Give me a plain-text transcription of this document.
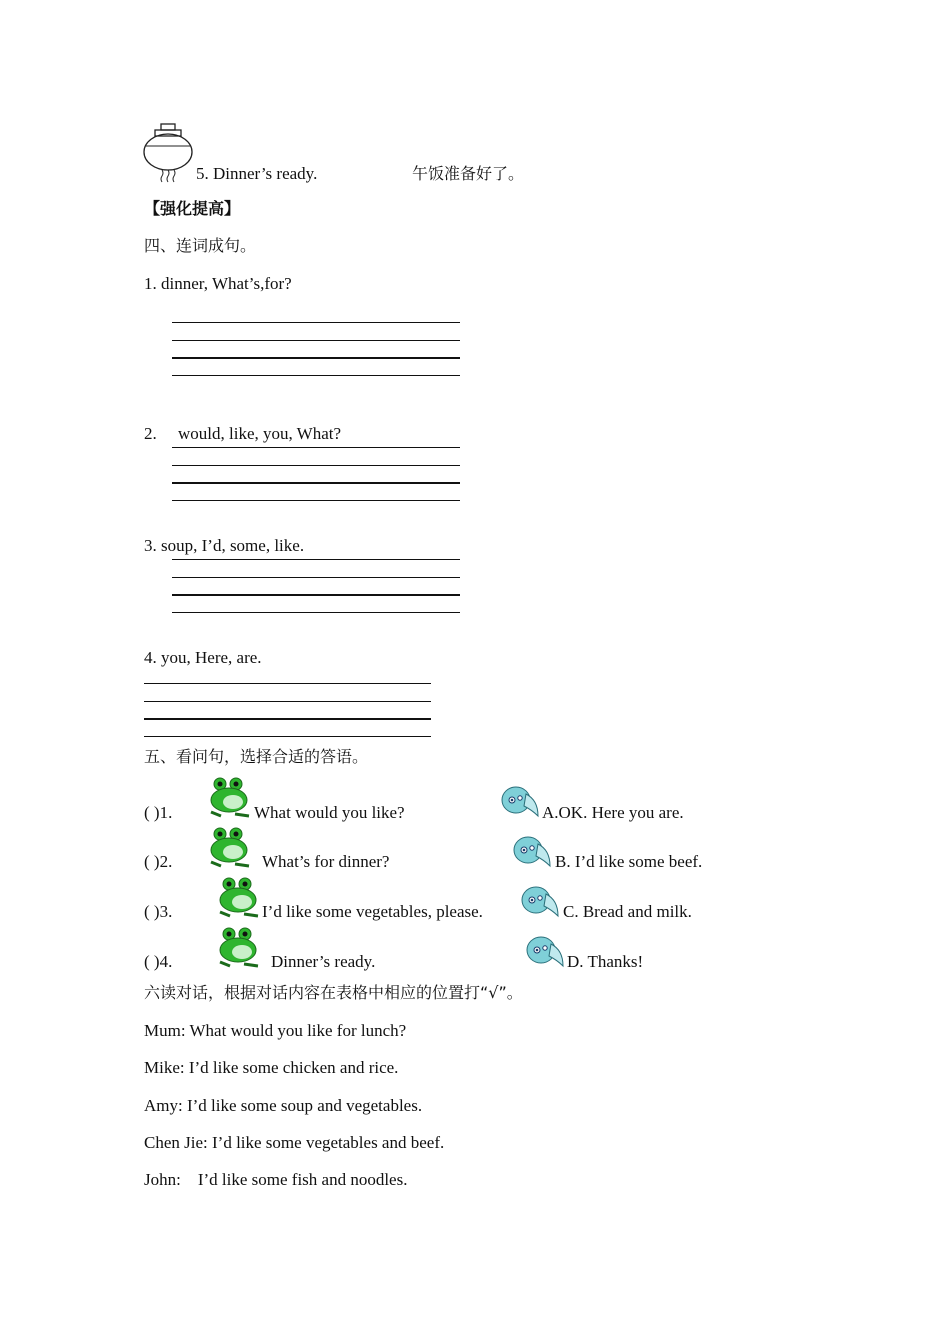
5. Dinner’s ready.	午饭准备好了。
【强化提高】
四、连词成句。
1. dinner, What’s,for?
2. would, like, you, What?
3. soup, I’d, some, like.
4. you, Here, are.
五、看问句，选择合适的答语。
( )1.	What would you like?	A.OK. Here you are.
( )2.	What’s for dinner?	B. I’d like some beef.
( )3.	I’d like some vegetables, please.	C. Bread and milk.
( )4.	Dinner’s ready.	D. Thanks!
六读对话，根据对话内容在表格中相应的位置打“√”。
Mum: What would you like for lunch?
Mike: I’d like some chicken and rice.
Amy: I’d like some soup and vegetables.
Chen Jie: I’d like some vegetables and beef.
John:    I’d like some fish and noodles.
